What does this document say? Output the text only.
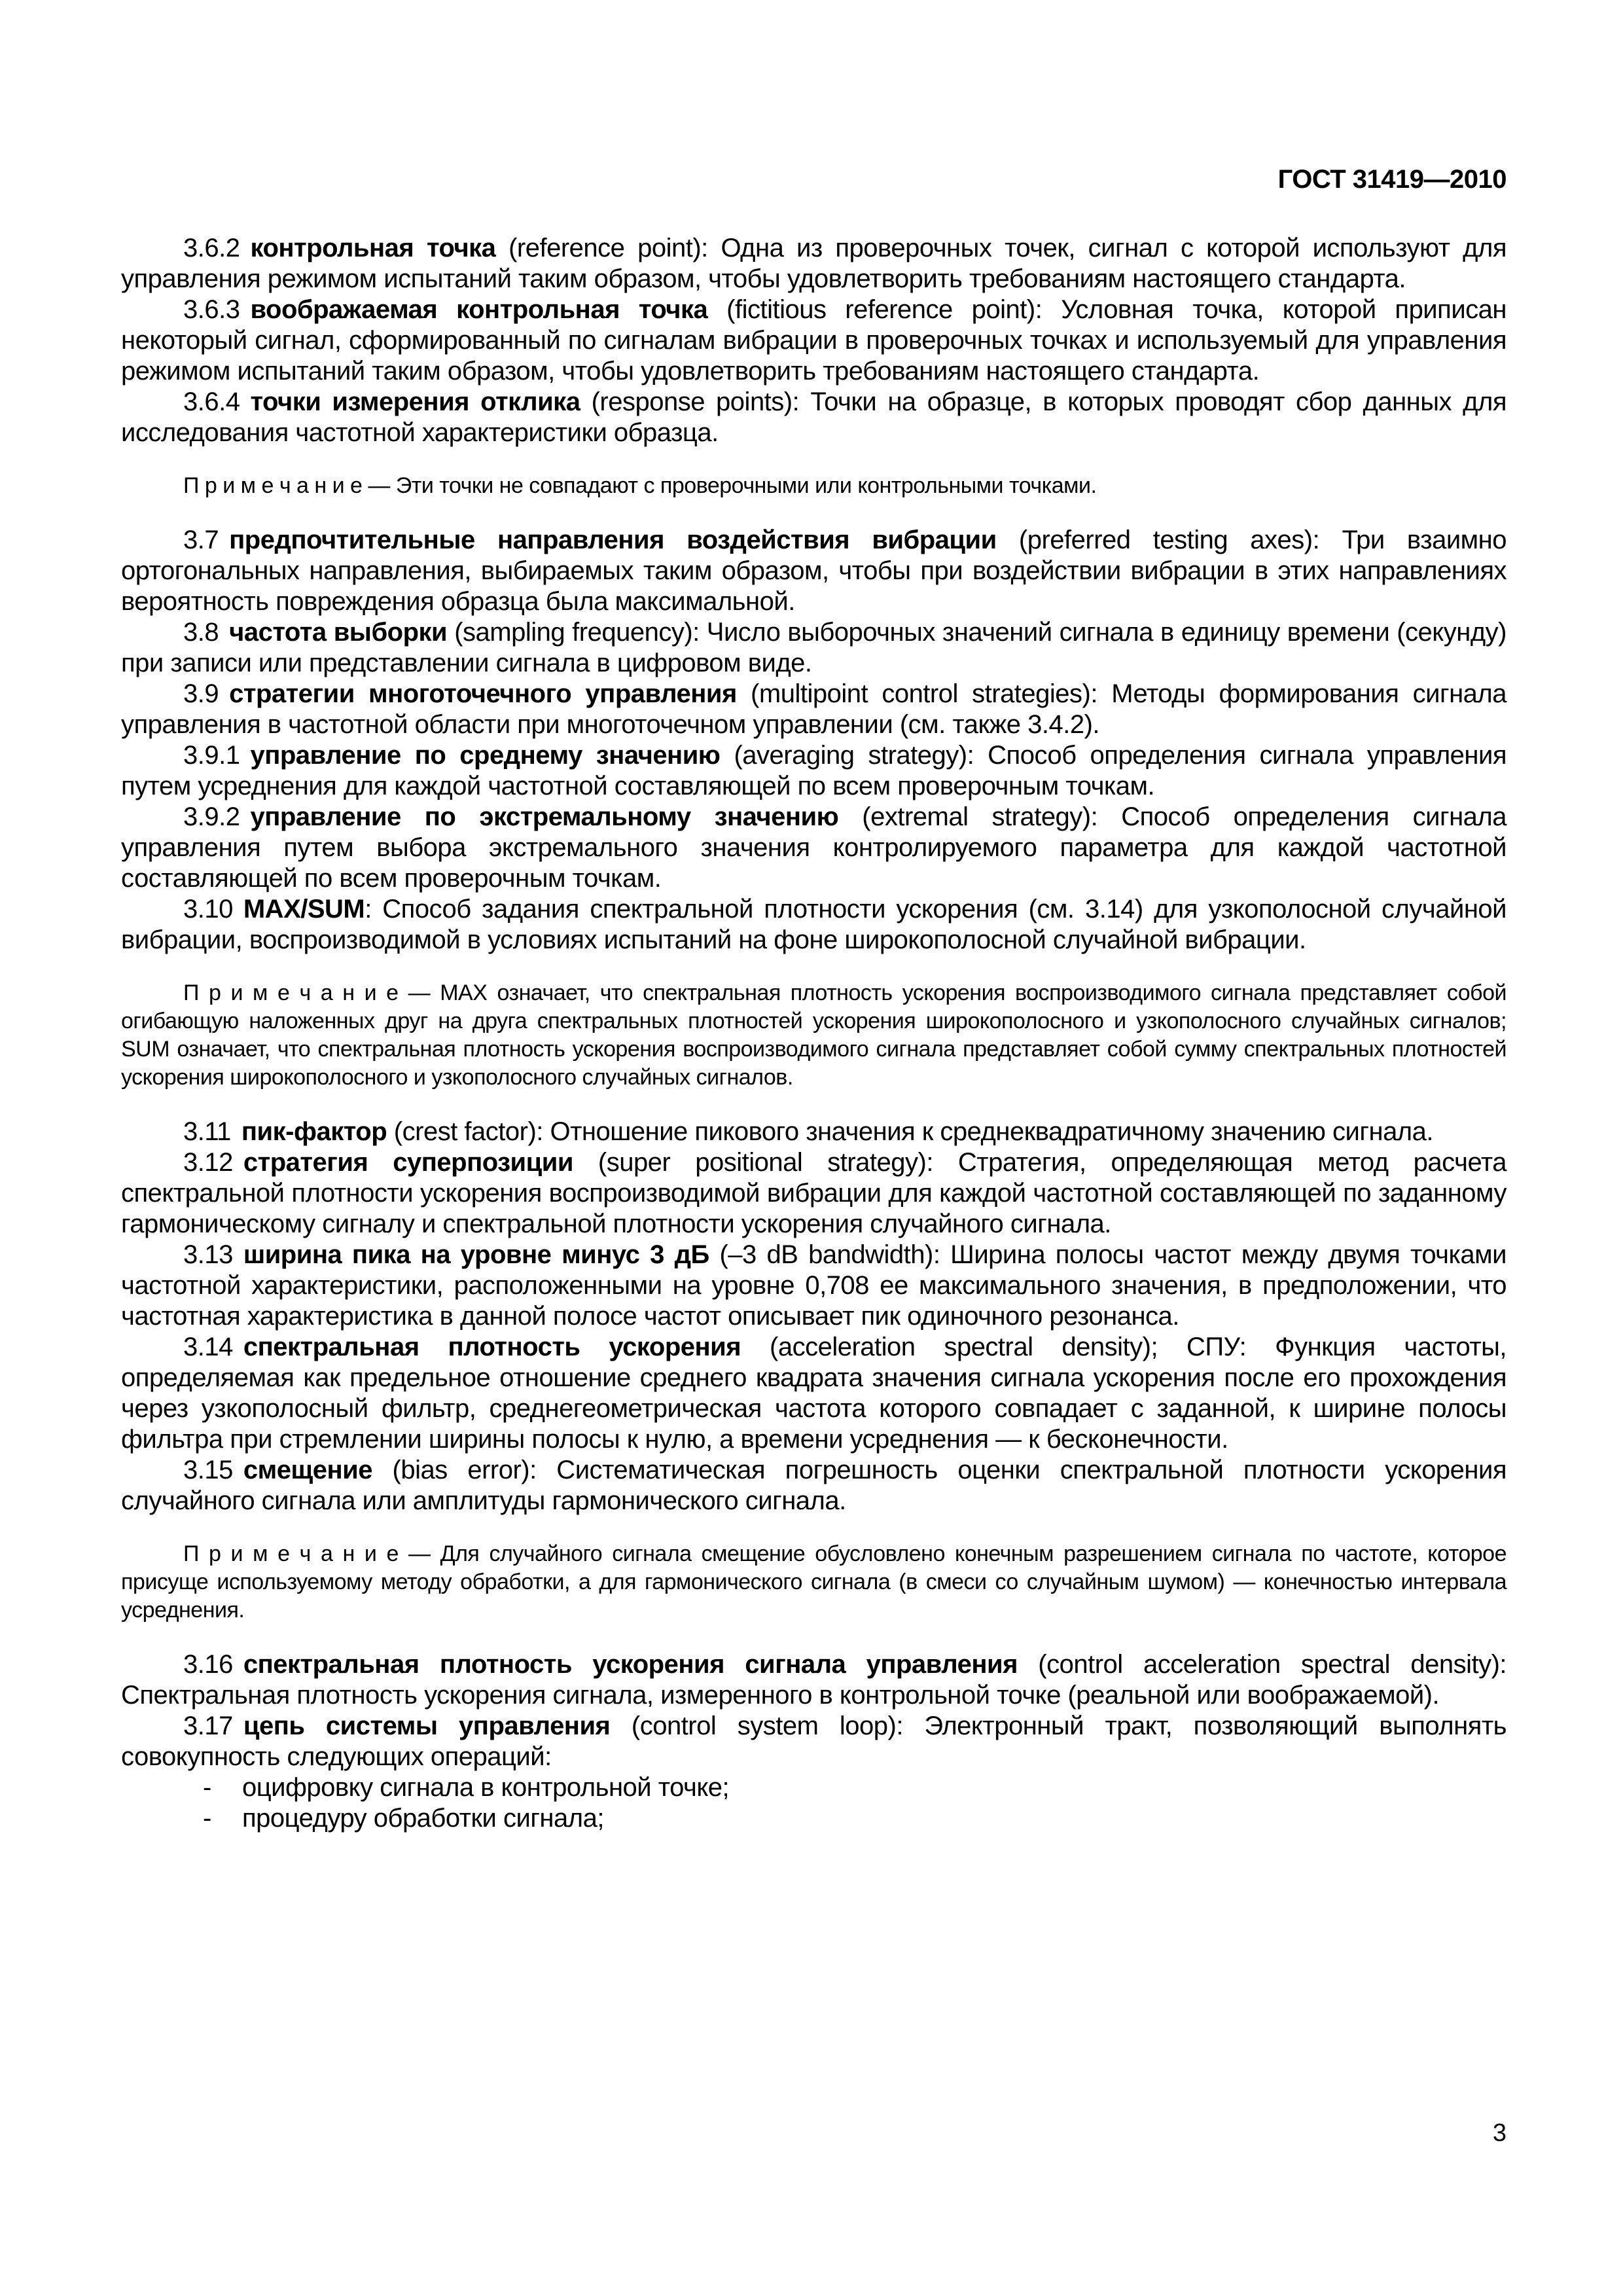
ГОСТ 31419—2010

3.6.2 контрольная точка (reference point): Одна из проверочных точек, сигнал с которой используют для управления режимом испытаний таким образом, чтобы удовлетворить требованиям настоящего стандарта.

3.6.3 воображаемая контрольная точка (fictitious reference point): Условная точка, которой приписан некоторый сигнал, сформированный по сигналам вибрации в проверочных точках и используемый для управления режимом испытаний таким образом, чтобы удовлетворить требованиям настоящего стандарта.

3.6.4 точки измерения отклика (response points): Точки на образце, в которых проводят сбор данных для исследования частотной характеристики образца.

П р и м е ч а н и е — Эти точки не совпадают с проверочными или контрольными точками.

3.7 предпочтительные направления воздействия вибрации (preferred testing axes): Три взаимно ортогональных направления, выбираемых таким образом, чтобы при воздействии вибрации в этих направлениях вероятность повреждения образца была максимальной.

3.8 частота выборки (sampling frequency): Число выборочных значений сигнала в единицу времени (секунду) при записи или представлении сигнала в цифровом виде.

3.9 стратегии многоточечного управления (multipoint control strategies): Методы формирования сигнала управления в частотной области при многоточечном управлении (см. также 3.4.2).

3.9.1 управление по среднему значению (averaging strategy): Способ определения сигнала управления путем усреднения для каждой частотной составляющей по всем проверочным точкам.

3.9.2 управление по экстремальному значению (extremal strategy): Способ определения сигнала управления путем выбора экстремального значения контролируемого параметра для каждой частотной составляющей по всем проверочным точкам.

3.10 MAX/SUM: Способ задания спектральной плотности ускорения (см. 3.14) для узкополосной случайной вибрации, воспроизводимой в условиях испытаний на фоне широкополосной случайной вибрации.

П р и м е ч а н и е — MAX означает, что спектральная плотность ускорения воспроизводимого сигнала представляет собой огибающую наложенных друг на друга спектральных плотностей ускорения широкополосного и узкополосного случайных сигналов; SUM означает, что спектральная плотность ускорения воспроизводимого сигнала представляет собой сумму спектральных плотностей ускорения широкополосного и узкополосного случайных сигналов.

3.11 пик-фактор (crest factor): Отношение пикового значения к среднеквадратичному значению сигнала.

3.12 стратегия суперпозиции (super positional strategy): Стратегия, определяющая метод расчета спектральной плотности ускорения воспроизводимой вибрации для каждой частотной составляющей по заданному гармоническому сигналу и спектральной плотности ускорения случайного сигнала.

3.13 ширина пика на уровне минус 3 дБ (–3 dB bandwidth): Ширина полосы частот между двумя точками частотной характеристики, расположенными на уровне 0,708 ее максимального значения, в предположении, что частотная характеристика в данной полосе частот описывает пик одиночного резонанса.

3.14 спектральная плотность ускорения (acceleration spectral density); СПУ: Функция частоты, определяемая как предельное отношение среднего квадрата значения сигнала ускорения после его прохождения через узкополосный фильтр, среднегеометрическая частота которого совпадает с заданной, к ширине полосы фильтра при стремлении ширины полосы к нулю, а времени усреднения — к бесконечности.

3.15 смещение (bias error): Систематическая погрешность оценки спектральной плотности ускорения случайного сигнала или амплитуды гармонического сигнала.

П р и м е ч а н и е — Для случайного сигнала смещение обусловлено конечным разрешением сигнала по частоте, которое присуще используемому методу обработки, а для гармонического сигнала (в смеси со случайным шумом) — конечностью интервала усреднения.

3.16 спектральная плотность ускорения сигнала управления (control acceleration spectral density): Спектральная плотность ускорения сигнала, измеренного в контрольной точке (реальной или воображаемой).

3.17 цепь системы управления (control system loop): Электронный тракт, позволяющий выполнять совокупность следующих операций:

- оцифровку сигнала в контрольной точке;

- процедуру обработки сигнала;

3
